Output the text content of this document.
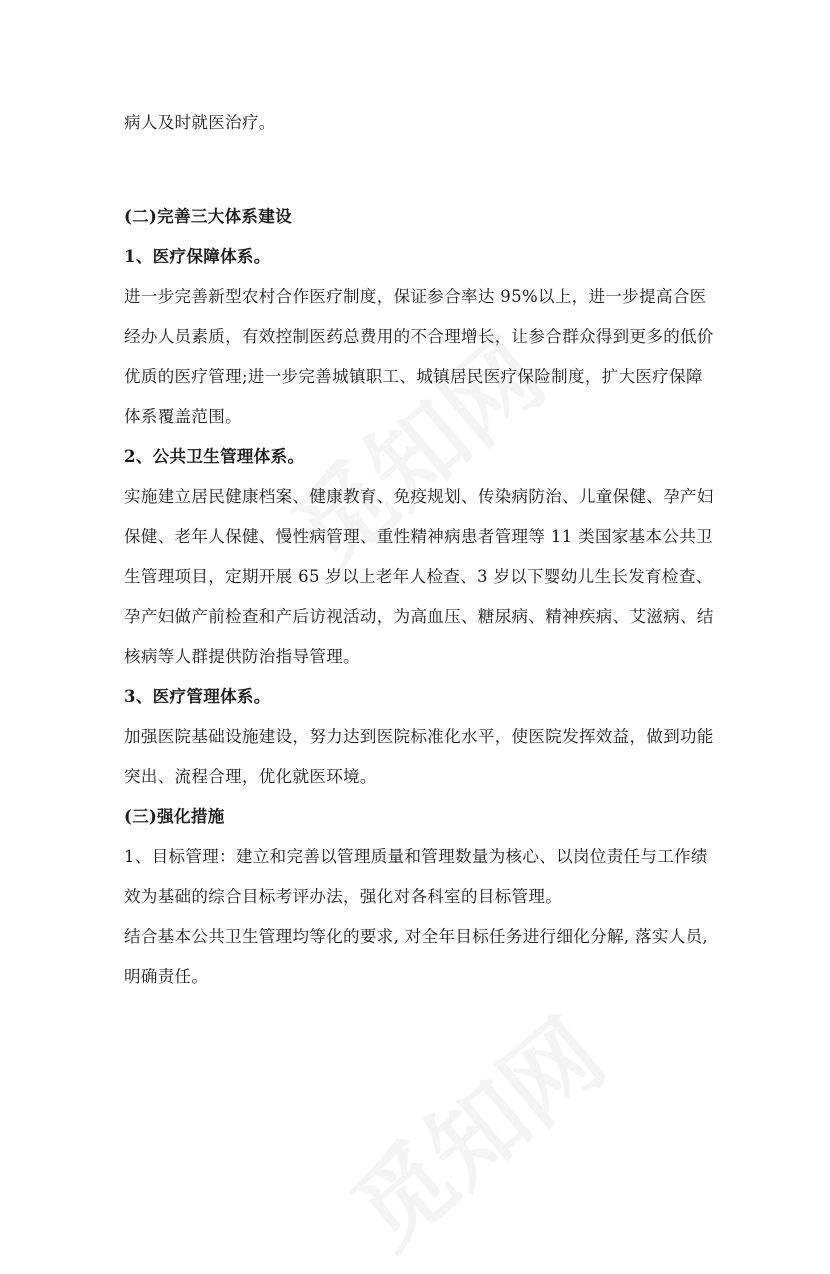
病人及时就医治疗。
(二)完善三大体系建设
1、医疗保障体系。
进一步完善新型农村合作医疗制度，保证参合率达 95%以上，进一步提高合医
经办人员素质，有效控制医药总费用的不合理增长，让参合群众得到更多的低价
优质的医疗管理;进一步完善城镇职工、城镇居民医疗保险制度，扩大医疗保障
体系覆盖范围。
2、公共卫生管理体系。
实施建立居民健康档案、健康教育、免疫规划、传染病防治、儿童保健、孕产妇
保健、老年人保健、慢性病管理、重性精神病患者管理等 11 类国家基本公共卫
生管理项目，定期开展 65 岁以上老年人检查、3 岁以下婴幼儿生长发育检查、
孕产妇做产前检查和产后访视活动，为高血压、糖尿病、精神疾病、艾滋病、结
核病等人群提供防治指导管理。
3、医疗管理体系。
加强医院基础设施建设，努力达到医院标准化水平，使医院发挥效益，做到功能
突出、流程合理，优化就医环境。
(三)强化措施
1、目标管理：建立和完善以管理质量和管理数量为核心、以岗位责任与工作绩
效为基础的综合目标考评办法，强化对各科室的目标管理。
结合基本公共卫生管理均等化的要求, 对全年目标任务进行细化分解, 落实人员,
明确责任。
